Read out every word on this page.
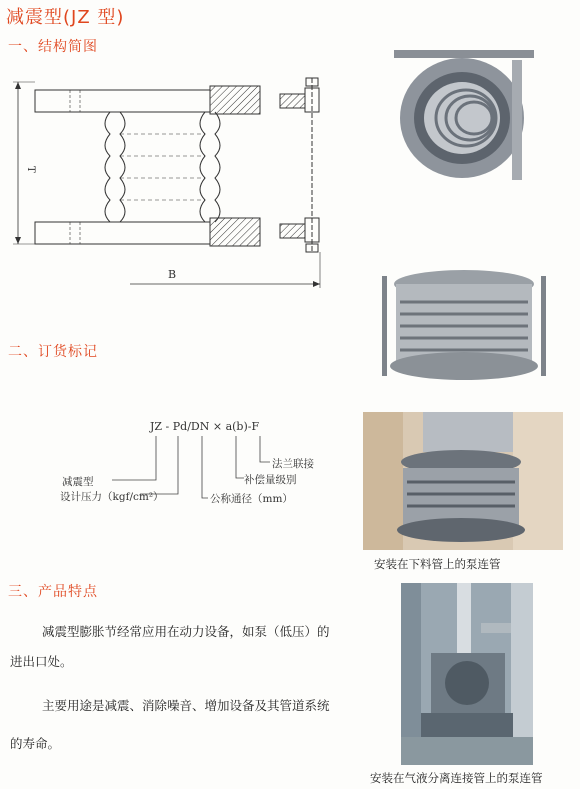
减震型(JZ 型)
一、结构简图
T
B
二、订货标记
JZ - Pd/DN × a(b)-F
减震型
设计压力（kgf/cm²）	公称通径（mm）
补偿量级别
法兰联接
三、产品特点
减震型膨胀节经常应用在动力设备，如泵（低压）的
进出口处。
主要用途是减震、消除噪音、增加设备及其管道系统
的寿命。
安装在下料管上的泵连管
安装在气液分离连接管上的泵连管
